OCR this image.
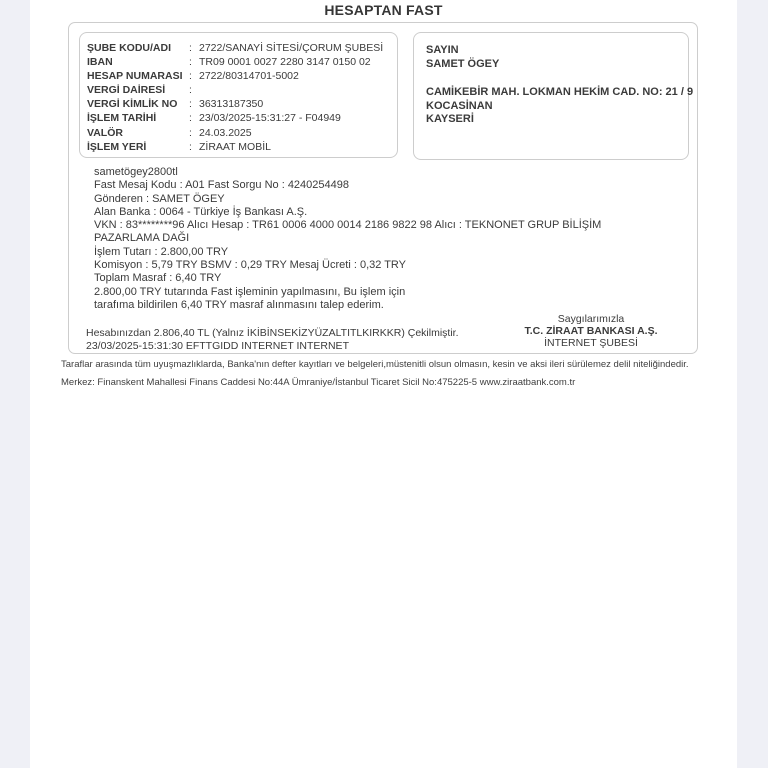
HESAPTAN FAST
ŞUBE KODU/ADI	: 2722/SANAYİ SİTESİ/ÇORUM ŞUBESİ
IBAN	: TR09 0001 0027 2280 3147 0150 02
HESAP NUMARASI : 2722/80314701-5002
VERGİ DAİRESİ	:
VERGİ KİMLİK NO	: 36313187350
İŞLEM TARİHİ	: 23/03/2025-15:31:27 - F04949
VALÖR	: 24.03.2025
İŞLEM YERİ	: ZİRAAT MOBİL
SAYIN
SAMET ÖGEY
CAMİKEBİR MAH. LOKMAN HEKİM CAD. NO: 21 / 9
KOCASİNAN
KAYSERİ
sametögey2800tl
Fast Mesaj Kodu : A01 Fast Sorgu No : 4240254498
Gönderen : SAMET ÖGEY
Alan Banka : 0064 - Türkiye İş Bankası A.Ş.
VKN : 83********96 Alıcı Hesap : TR61 0006 4000 0014 2186 9822 98 Alıcı : TEKNONET GRUP BİLİŞİM
PAZARLAMA DAĞI
İşlem Tutarı : 2.800,00 TRY
Komisyon : 5,79 TRY BSMV : 0,29 TRY Mesaj Ücreti : 0,32 TRY
Toplam Masraf : 6,40 TRY
2.800,00 TRY tutarında Fast işleminin yapılmasını, Bu işlem için
tarafıma bildirilen 6,40 TRY masraf alınmasını talep ederim.
Hesabınızdan 2.806,40 TL (Yalnız İKİBİNSEKİZYÜZALTITLKIRKKR) Çekilmiştir.
23/03/2025-15:31:30 EFTTGIDD INTERNET INTERNET
Saygılarımızla
T.C. ZİRAAT BANKASI A.Ş.
İNTERNET ŞUBESİ
Taraflar arasında tüm uyuşmazlıklarda, Banka'nın defter kayıtları ve belgeleri,müstenitli olsun olmasın, kesin ve aksi ileri sürülemez delil niteliğindedir.
Merkez: Finanskent Mahallesi Finans Caddesi No:44A Ümraniye/İstanbul Ticaret Sicil No:475225-5 www.ziraatbank.com.tr
